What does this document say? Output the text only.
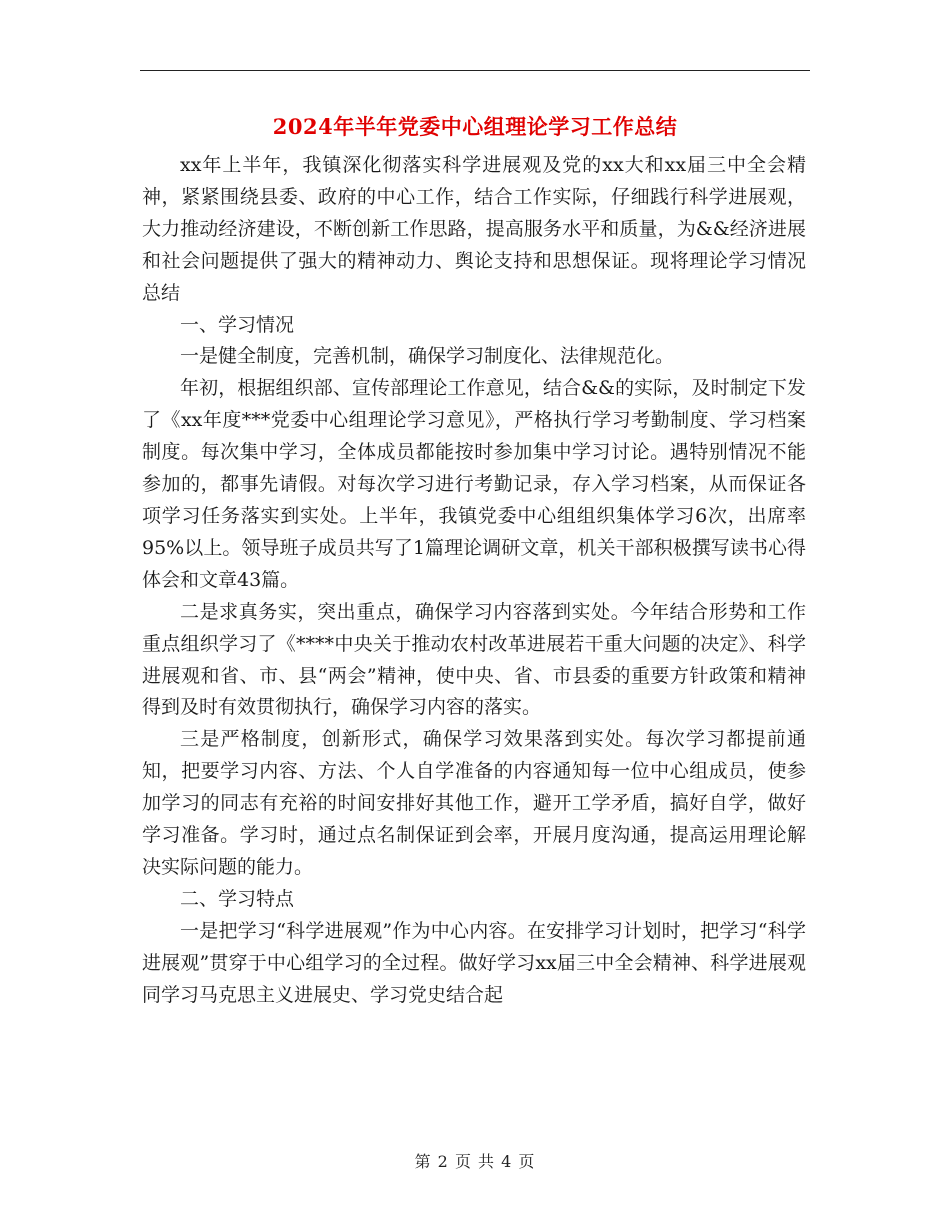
2024年半年党委中心组理论学习工作总结

xx年上半年，我镇深化彻落实科学进展观及党的xx大和xx届三中全会精神，紧紧围绕县委、政府的中心工作，结合工作实际，仔细践行科学进展观，大力推动经济建设，不断创新工作思路，提高服务水平和质量，为&&经济进展和社会问题提供了强大的精神动力、舆论支持和思想保证。现将理论学习情况总结

一、学习情况

一是健全制度，完善机制，确保学习制度化、法律规范化。

年初，根据组织部、宣传部理论工作意见，结合&&的实际，及时制定下发了《xx年度***党委中心组理论学习意见》，严格执行学习考勤制度、学习档案制度。每次集中学习，全体成员都能按时参加集中学习讨论。遇特别情况不能参加的，都事先请假。对每次学习进行考勤记录，存入学习档案，从而保证各项学习任务落实到实处。上半年，我镇党委中心组组织集体学习6次，出席率95%以上。领导班子成员共写了1篇理论调研文章，机关干部积极撰写读书心得体会和文章43篇。

二是求真务实，突出重点，确保学习内容落到实处。今年结合形势和工作重点组织学习了《****中央关于推动农村改革进展若干重大问题的决定》、科学进展观和省、市、县“两会”精神，使中央、省、市县委的重要方针政策和精神得到及时有效贯彻执行，确保学习内容的落实。

三是严格制度，创新形式，确保学习效果落到实处。每次学习都提前通知，把要学习内容、方法、个人自学准备的内容通知每一位中心组成员，使参加学习的同志有充裕的时间安排好其他工作，避开工学矛盾，搞好自学，做好学习准备。学习时，通过点名制保证到会率，开展月度沟通，提高运用理论解决实际问题的能力。

二、学习特点

一是把学习“科学进展观”作为中心内容。在安排学习计划时，把学习“科学进展观”贯穿于中心组学习的全过程。做好学习xx届三中全会精神、科学进展观同学习马克思主义进展史、学习党史结合起

第 2 页 共 4 页
